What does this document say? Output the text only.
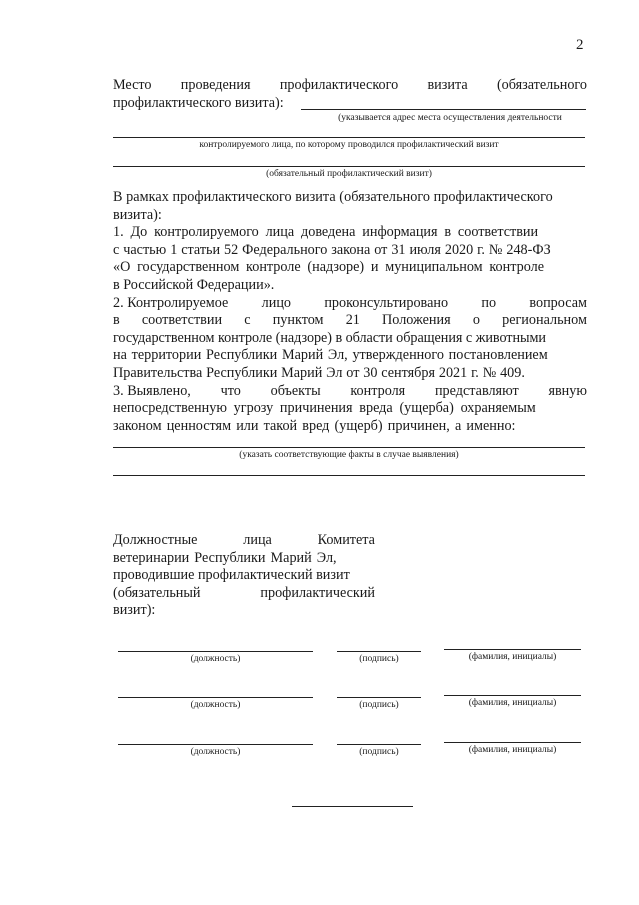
2
Место проведения профилактического визита (обязательного
профилактического визита):
(указывается адрес места осуществления деятельности
контролируемого лица, по которому проводился профилактический визит
(обязательный профилактический визит)
В рамках профилактического визита (обязательного профилактического
визита):
1. До контролируемого лица доведена информация в соответствии
с частью 1 статьи 52 Федерального закона от 31 июля 2020 г. № 248-ФЗ
«О государственном контроле (надзоре) и муниципальном контроле
в Российской Федерации».
2. Контролируемое лицо проконсультировано по вопросам
в соответствии с пунктом 21 Положения о региональном
государственном контроле (надзоре) в области обращения с животными
на территории Республики Марий Эл, утвержденного постановлением
Правительства Республики Марий Эл от 30 сентября 2021 г. № 409.
3. Выявлено, что объекты контроля представляют явную
непосредственную угрозу причинения вреда (ущерба) охраняемым
законом ценностям или такой вред (ущерб) причинен, а именно:
(указать соответствующие факты в случае выявления)
Должностные	лица	Комитета
ветеринарии Республики Марий Эл,
проводившие профилактический визит
(обязательный	профилактический
визит):
(должность)	(подпись)	(фамилия, инициалы)
(должность)	(подпись)	(фамилия, инициалы)
(должность)	(подпись)	(фамилия, инициалы)
